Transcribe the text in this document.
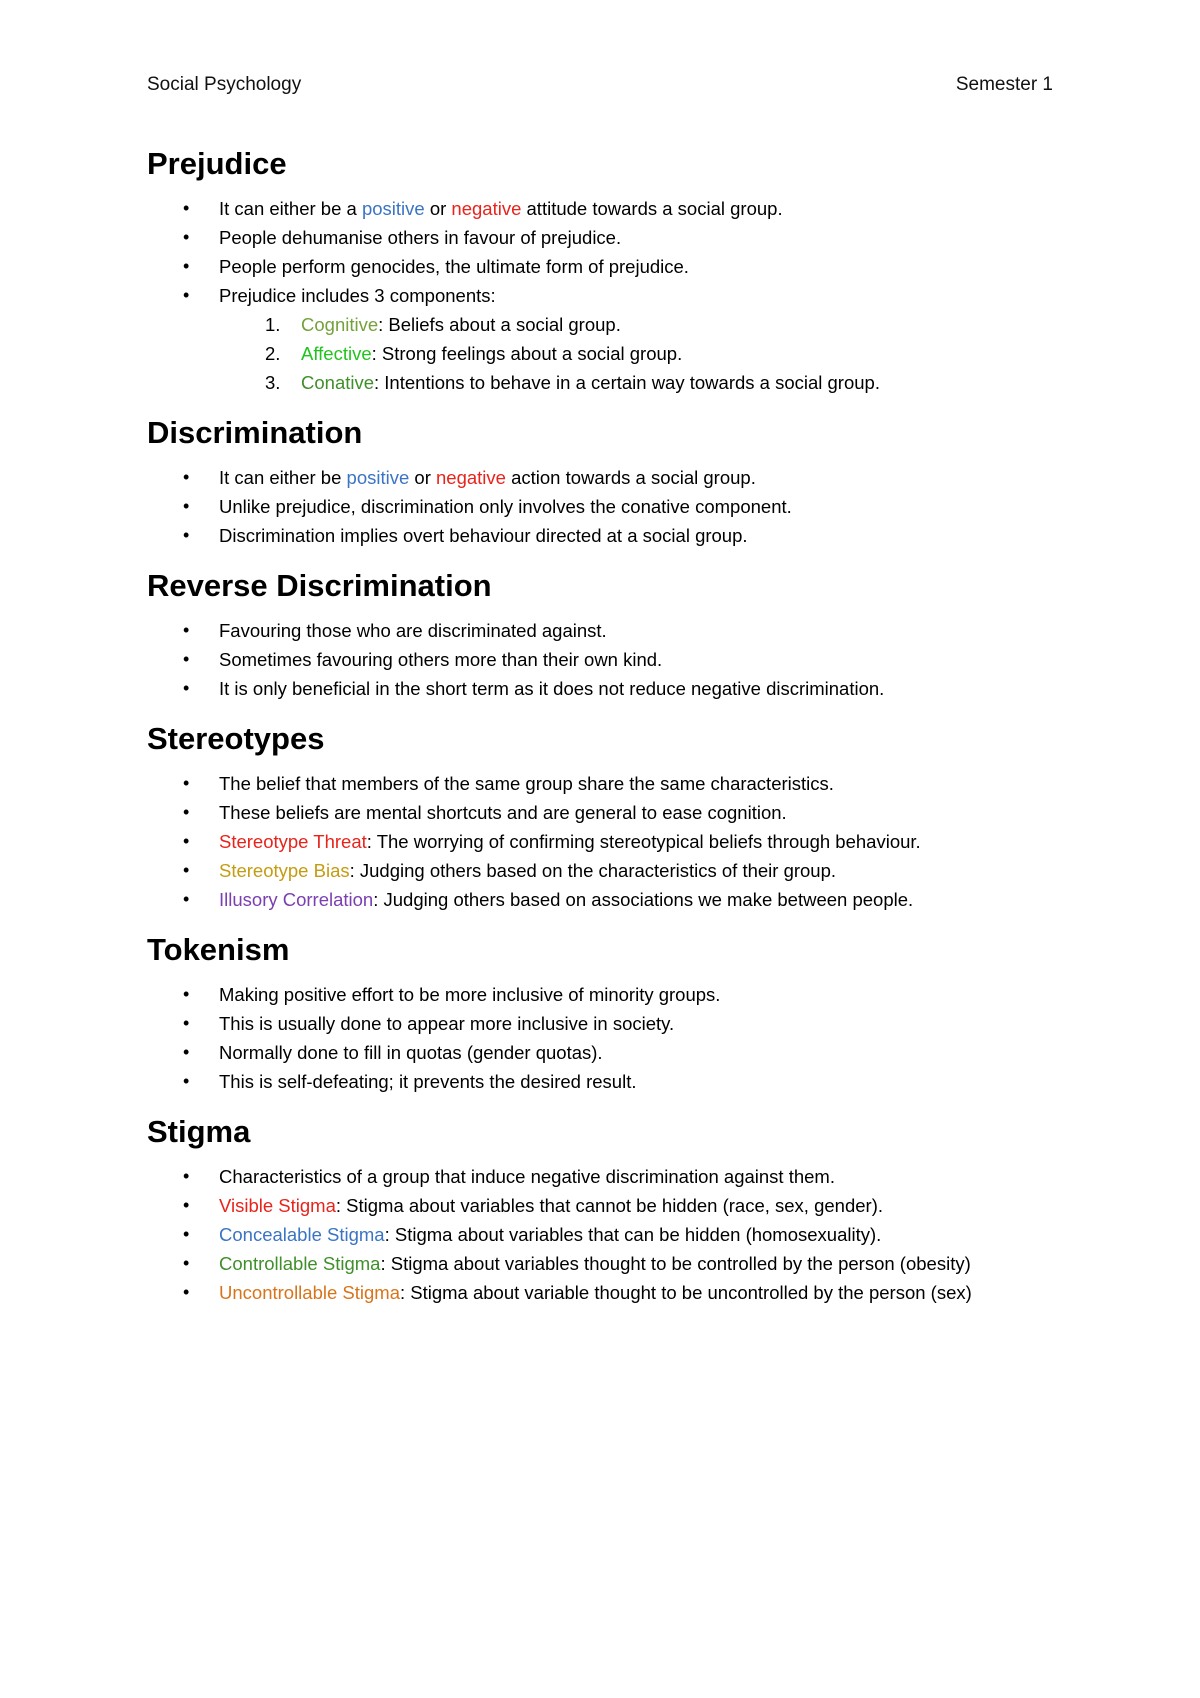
Social Psychology	Semester 1
Prejudice
• It can either be a positive or negative attitude towards a social group.
• People dehumanise others in favour of prejudice.
• People perform genocides, the ultimate form of prejudice.
• Prejudice includes 3 components:
1. Cognitive: Beliefs about a social group.
2. Affective: Strong feelings about a social group.
3. Conative: Intentions to behave in a certain way towards a social group.
Discrimination
• It can either be positive or negative action towards a social group.
• Unlike prejudice, discrimination only involves the conative component.
• Discrimination implies overt behaviour directed at a social group.
Reverse Discrimination
• Favouring those who are discriminated against.
• Sometimes favouring others more than their own kind.
• It is only beneficial in the short term as it does not reduce negative discrimination.
Stereotypes
• The belief that members of the same group share the same characteristics.
• These beliefs are mental shortcuts and are general to ease cognition.
• Stereotype Threat: The worrying of confirming stereotypical beliefs through behaviour.
• Stereotype Bias: Judging others based on the characteristics of their group.
• Illusory Correlation: Judging others based on associations we make between people.
Tokenism
• Making positive effort to be more inclusive of minority groups.
• This is usually done to appear more inclusive in society.
• Normally done to fill in quotas (gender quotas).
• This is self-defeating; it prevents the desired result.
Stigma
• Characteristics of a group that induce negative discrimination against them.
• Visible Stigma: Stigma about variables that cannot be hidden (race, sex, gender).
• Concealable Stigma: Stigma about variables that can be hidden (homosexuality).
• Controllable Stigma: Stigma about variables thought to be controlled by the person (obesity)
• Uncontrollable Stigma: Stigma about variable thought to be uncontrolled by the person (sex)
